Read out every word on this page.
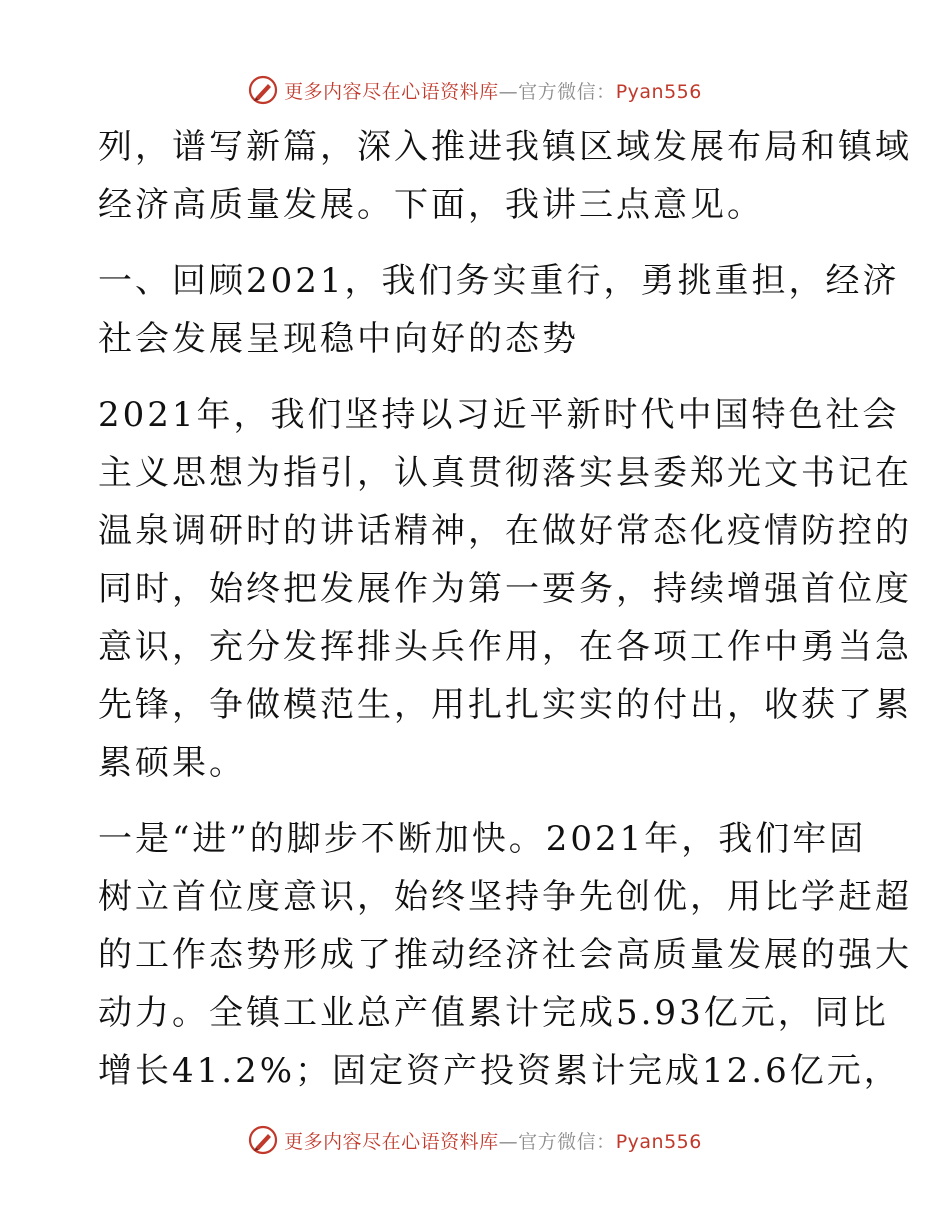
更多内容尽在心语资料库—官方微信：Pyan556

列，谱写新篇，深入推进我镇区域发展布局和镇域
经济高质量发展。下面，我讲三点意见。

一、回顾2021，我们务实重行，勇挑重担，经济
社会发展呈现稳中向好的态势

2021年，我们坚持以习近平新时代中国特色社会
主义思想为指引，认真贯彻落实县委郑光文书记在
温泉调研时的讲话精神，在做好常态化疫情防控的
同时，始终把发展作为第一要务，持续增强首位度
意识，充分发挥排头兵作用，在各项工作中勇当急
先锋，争做模范生，用扎扎实实的付出，收获了累
累硕果。

一是“进”的脚步不断加快。2021年，我们牢固
树立首位度意识，始终坚持争先创优，用比学赶超
的工作态势形成了推动经济社会高质量发展的强大
动力。全镇工业总产值累计完成5.93亿元，同比
增长41.2%；固定资产投资累计完成12.6亿元，

更多内容尽在心语资料库—官方微信：Pyan556
